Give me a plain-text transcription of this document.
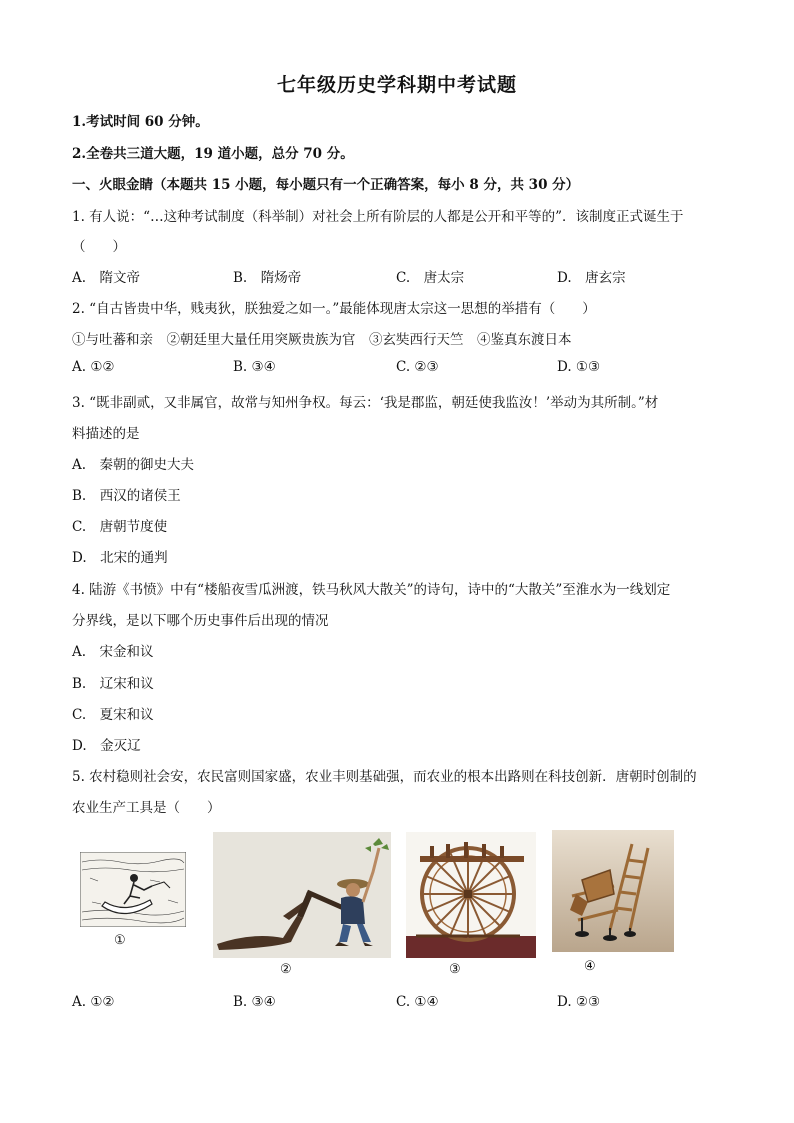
七年级历史学科期中考试题
1.考试时间 60 分钟。
2.全卷共三道大题，19 道小题，总分 70 分。
一、火眼金睛（本题共 15 小题，每小题只有一个正确答案，每小 8 分，共 30 分）
1. 有人说：“…这种考试制度（科举制）对社会上所有阶层的人都是公开和平等的”．该制度正式诞生于
（　　）
A.　隋文帝	B.　隋炀帝	C.　唐太宗	D.　唐玄宗
2. “自古皆贵中华，贱夷狄，朕独爱之如一。”最能体现唐太宗这一思想的举措有（　　）
①与吐蕃和亲　②朝廷里大量任用突厥贵族为官　③玄奘西行天竺　④鉴真东渡日本
A. ①②	B. ③④	C. ②③	D. ①③
3. “既非副贰，又非属官，故常与知州争权。每云：‘我是郡监，朝廷使我监汝！’举动为其所制。”材
料描述的是
A.　秦朝的御史大夫
B.　西汉的诸侯王
C.　唐朝节度使
D.　北宋的通判
4. 陆游《书愤》中有“楼船夜雪瓜洲渡，铁马秋风大散关”的诗句，诗中的“大散关”至淮水为一线划定
分界线，是以下哪个历史事件后出现的情况
A.　宋金和议
B.　辽宋和议
C.　夏宋和议
D.　金灭辽
5. 农村稳则社会安，农民富则国家盛，农业丰则基础强，而农业的根本出路则在科技创新．唐朝时创制的
农业生产工具是（　　）
①
②	③	④
A. ①②	B. ③④	C. ①④	D. ②③
